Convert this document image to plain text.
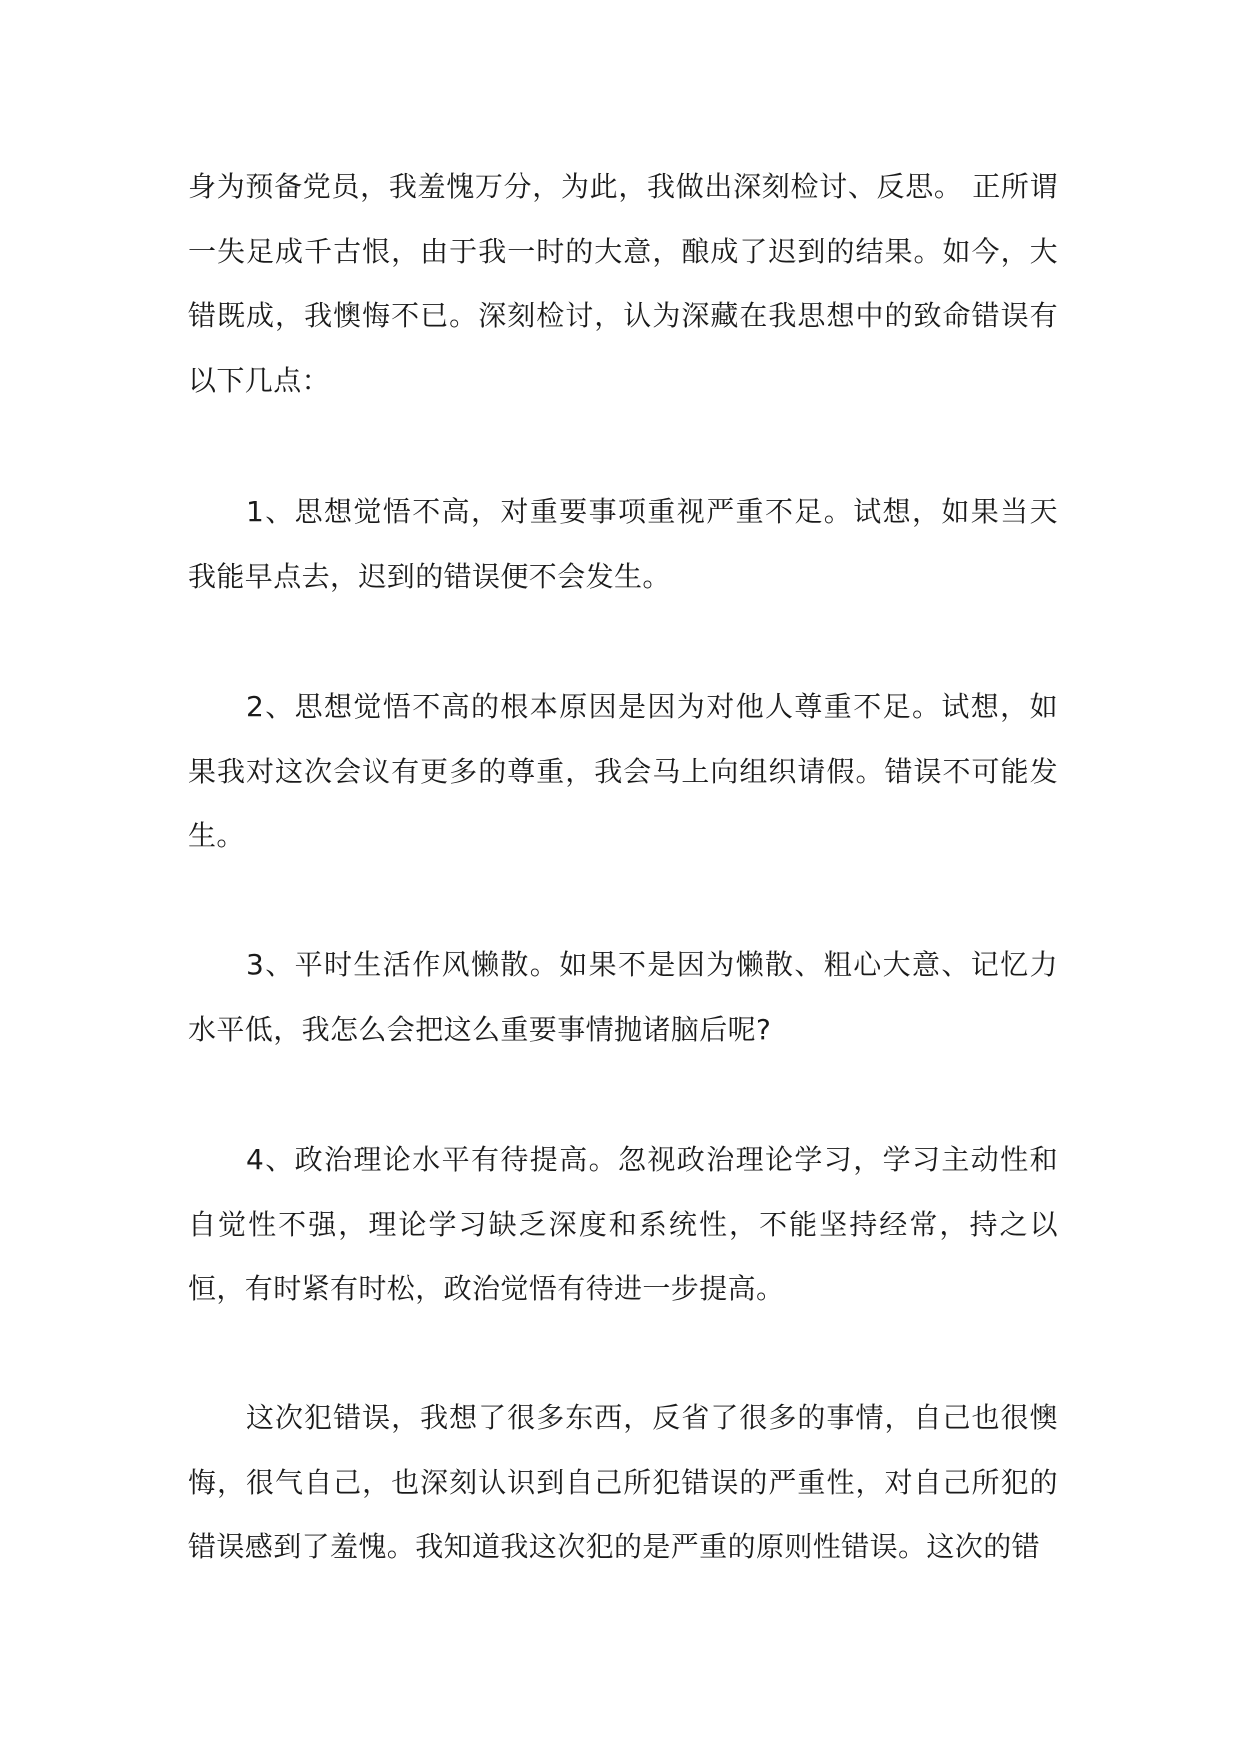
身为预备党员，我羞愧万分，为此，我做出深刻检讨、反思。 正所谓一失足成千古恨，由于我一时的大意，酿成了迟到的结果。如今，大错既成，我懊悔不已。深刻检讨，认为深藏在我思想中的致命错误有以下几点：

1、思想觉悟不高，对重要事项重视严重不足。试想，如果当天我能早点去，迟到的错误便不会发生。

2、思想觉悟不高的根本原因是因为对他人尊重不足。试想，如果我对这次会议有更多的尊重，我会马上向组织请假。错误不可能发生。

3、平时生活作风懒散。如果不是因为懒散、粗心大意、记忆力水平低，我怎么会把这么重要事情抛诸脑后呢?

4、政治理论水平有待提高。忽视政治理论学习，学习主动性和自觉性不强，理论学习缺乏深度和系统性，不能坚持经常，持之以恒，有时紧有时松，政治觉悟有待进一步提高。

这次犯错误，我想了很多东西，反省了很多的事情，自己也很懊悔，很气自己，也深刻认识到自己所犯错误的严重性，对自己所犯的错误感到了羞愧。我知道我这次犯的是严重的原则性错误。这次的错
